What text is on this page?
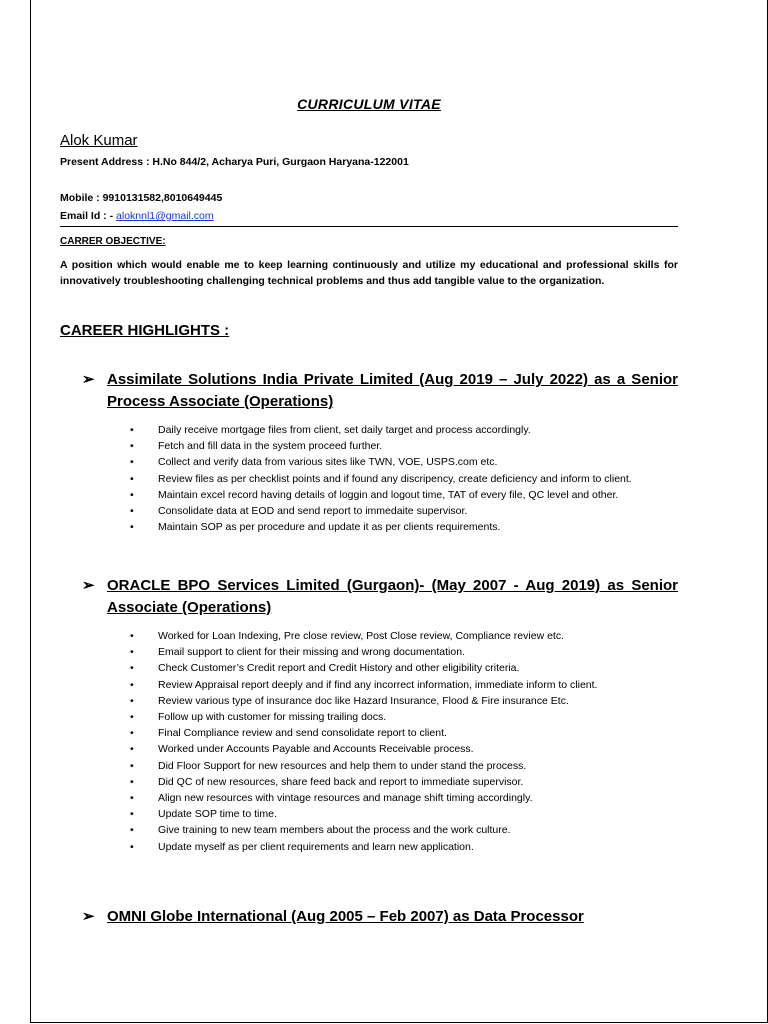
CURRICULUM VITAE
Alok Kumar
Present Address : H.No 844/2, Acharya Puri, Gurgaon Haryana-122001
Mobile : 9910131582,8010649445
Email Id : - aloknnl1@gmail.com
CARRER OBJECTIVE:
A position which would enable me to keep learning continuously and utilize my educational and professional skills for innovatively troubleshooting challenging technical problems and thus add tangible value to the organization.
CAREER HIGHLIGHTS :
➢ Assimilate Solutions India Private Limited (Aug 2019 – July 2022) as a Senior Process Associate (Operations)
• Daily receive mortgage files from client, set daily target and process accordingly.
• Fetch and fill data in the system proceed further.
• Collect and verify data from various sites like TWN, VOE, USPS.com etc.
• Review files as per checklist points and if found any discripency, create deficiency and inform to client.
• Maintain excel record having details of loggin and logout time, TAT of every file, QC level and other.
• Consolidate data at EOD and send report to immedaite supervisor.
• Maintain SOP as per procedure and update it as per clients requirements.
➢ ORACLE BPO Services Limited (Gurgaon)- (May 2007 - Aug 2019) as Senior Associate (Operations)
• Worked for Loan Indexing, Pre close review, Post Close review, Compliance review etc.
• Email support to client for their missing and wrong documentation.
• Check Customer’s Credit report and Credit History and other eligibility criteria.
• Review Appraisal report deeply and if find any incorrect information, immediate inform to client.
• Review various type of insurance doc like Hazard Insurance, Flood & Fire insurance Etc.
• Follow up with customer for missing trailing docs.
• Final Compliance review and send consolidate report to client.
• Worked under Accounts Payable and Accounts Receivable process.
• Did Floor Support for new resources and help them to under stand the process.
• Did QC of new resources, share feed back and report to immediate supervisor.
• Align new resources with vintage resources and manage shift timing accordingly.
• Update SOP time to time.
• Give training to new team members about the process and the work culture.
• Update myself as per client requirements and learn new application.
➢ OMNI Globe International (Aug 2005 – Feb 2007) as Data Processor
